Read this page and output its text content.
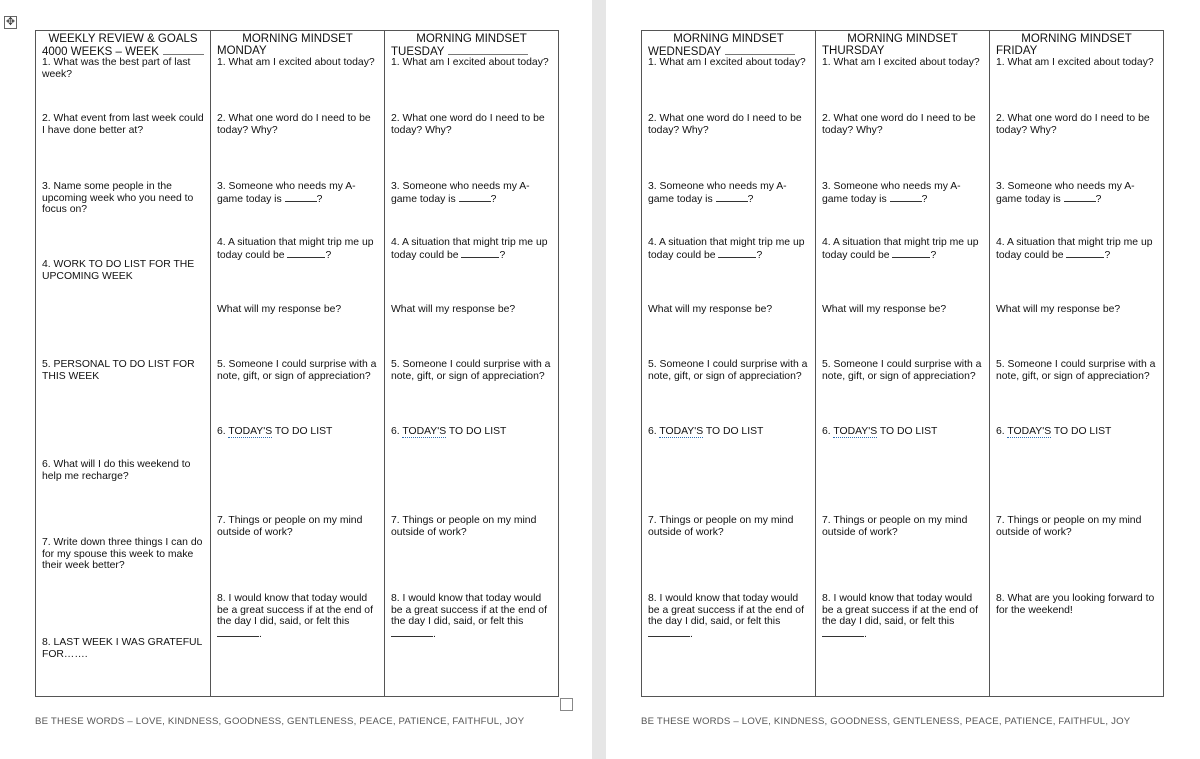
✥
WEEKLY REVIEW & GOALS
4000 WEEKS – WEEK
1. What was the best part of last week?
2. What event from last week could I have done better at?
3. Name some people in the upcoming week who you need to focus on?
4. WORK TO DO LIST FOR THE UPCOMING WEEK
5. PERSONAL TO DO LIST FOR THIS WEEK
6. What will I do this weekend to help me recharge?
7. Write down three things I can do for my spouse this week to make their week better?
8. LAST WEEK I WAS GRATEFUL FOR…….
MORNING MINDSET
MONDAY
1. What am I excited about today?
2. What one word do I need to be today? Why?
3. Someone who needs my A-game today is	?
4. A situation that might trip me up today could be	?
What will my response be?
5. Someone I could surprise with a note, gift, or sign of appreciation?
6. TODAY'S TO DO LIST
7. Things or people on my mind outside of work?
8. I would know that today would be a great success if at the end of the day I did, said, or felt this .
MORNING MINDSET
TUESDAY
1. What am I excited about today?
2. What one word do I need to be today? Why?
3. Someone who needs my A-game today is	?
4. A situation that might trip me up today could be	?
What will my response be?
5. Someone I could surprise with a note, gift, or sign of appreciation?
6. TODAY'S TO DO LIST
7. Things or people on my mind outside of work?
8. I would know that today would be a great success if at the end of the day I did, said, or felt this .
BE THESE WORDS – LOVE, KINDNESS, GOODNESS, GENTLENESS, PEACE, PATIENCE, FAITHFUL, JOY
MORNING MINDSET
WEDNESDAY
1. What am I excited about today?
2. What one word do I need to be today? Why?
3. Someone who needs my A-game today is	?
4. A situation that might trip me up today could be	?
What will my response be?
5. Someone I could surprise with a note, gift, or sign of appreciation?
6. TODAY'S TO DO LIST
7. Things or people on my mind outside of work?
8. I would know that today would be a great success if at the end of the day I did, said, or felt this .
MORNING MINDSET
THURSDAY
1. What am I excited about today?
2. What one word do I need to be today? Why?
3. Someone who needs my A-game today is	?
4. A situation that might trip me up today could be	?
What will my response be?
5. Someone I could surprise with a note, gift, or sign of appreciation?
6. TODAY'S TO DO LIST
7. Things or people on my mind outside of work?
8. I would know that today would be a great success if at the end of the day I did, said, or felt this .
MORNING MINDSET
FRIDAY
1. What am I excited about today?
2. What one word do I need to be today? Why?
3. Someone who needs my A-game today is	?
4. A situation that might trip me up today could be	?
What will my response be?
5. Someone I could surprise with a note, gift, or sign of appreciation?
6. TODAY'S TO DO LIST
7. Things or people on my mind outside of work?
8. What are you looking forward to for the weekend!
BE THESE WORDS – LOVE, KINDNESS, GOODNESS, GENTLENESS, PEACE, PATIENCE, FAITHFUL, JOY
